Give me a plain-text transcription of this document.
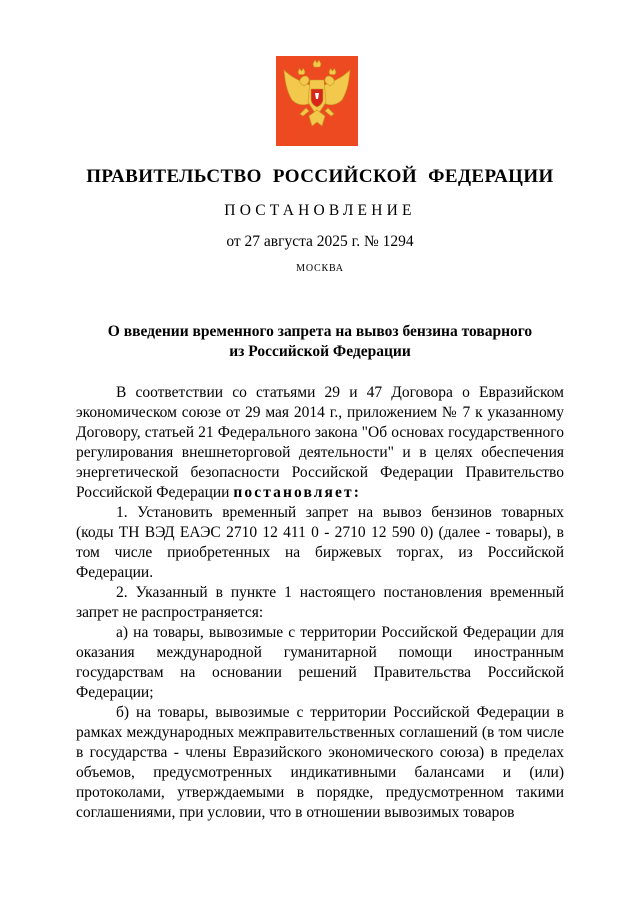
ПРАВИТЕЛЬСТВО РОССИЙСКОЙ ФЕДЕРАЦИИ
ПОСТАНОВЛЕНИЕ
от 27 августа 2025 г. № 1294
МОСКВА
О введении временного запрета на вывоз бензина товарного
из Российской Федерации

В соответствии со статьями 29 и 47 Договора о Евразийском экономическом союзе от 29 мая 2014 г., приложением № 7 к указанному Договору, статьей 21 Федерального закона "Об основах государственного регулирования внешнеторговой деятельности" и в целях обеспечения энергетической безопасности Российской Федерации Правительство Российской Федерации постановляет:

1. Установить временный запрет на вывоз бензинов товарных (коды ТН ВЭД ЕАЭС 2710 12 411 0 - 2710 12 590 0) (далее - товары), в том числе приобретенных на биржевых торгах, из Российской Федерации.

2. Указанный в пункте 1 настоящего постановления временный запрет не распространяется:

а) на товары, вывозимые с территории Российской Федерации для оказания международной гуманитарной помощи иностранным государствам на основании решений Правительства Российской Федерации;

б) на товары, вывозимые с территории Российской Федерации в рамках международных межправительственных соглашений (в том числе в государства - члены Евразийского экономического союза) в пределах объемов, предусмотренных индикативными балансами и (или) протоколами, утверждаемыми в порядке, предусмотренном такими соглашениями, при условии, что в отношении вывозимых товаров
